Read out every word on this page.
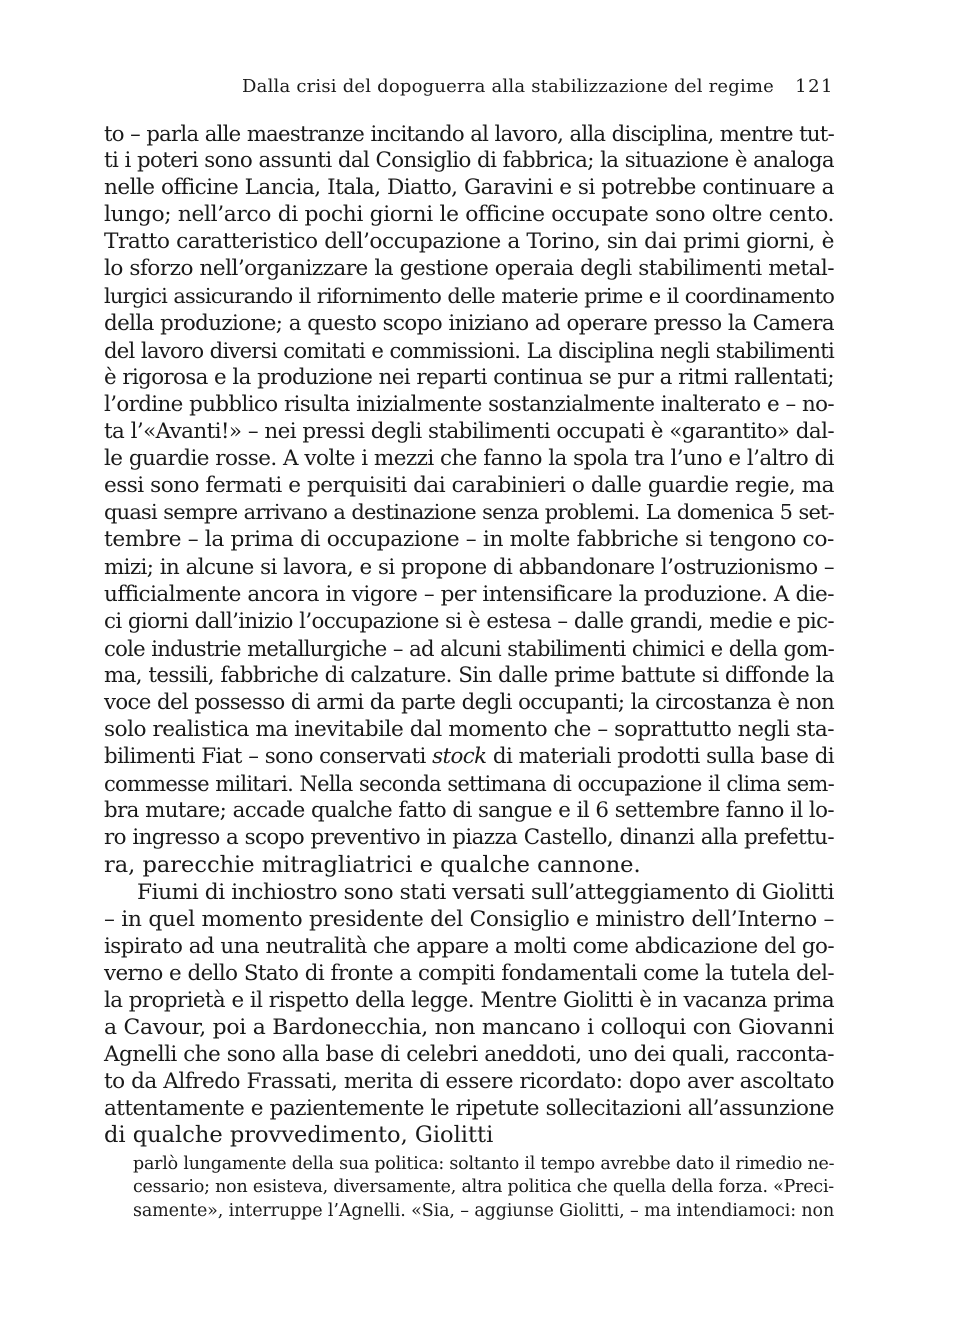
Dalla crisi del dopoguerra alla stabilizzazione del regime 121

to – parla alle maestranze incitando al lavoro, alla disciplina, mentre tut-
ti i poteri sono assunti dal Consiglio di fabbrica; la situazione è analoga
nelle officine Lancia, Itala, Diatto, Garavini e si potrebbe continuare a
lungo; nell’arco di pochi giorni le officine occupate sono oltre cento.
Tratto caratteristico dell’occupazione a Torino, sin dai primi giorni, è
lo sforzo nell’organizzare la gestione operaia degli stabilimenti metal-
lurgici assicurando il rifornimento delle materie prime e il coordinamento
della produzione; a questo scopo iniziano ad operare presso la Camera
del lavoro diversi comitati e commissioni. La disciplina negli stabilimenti
è rigorosa e la produzione nei reparti continua se pur a ritmi rallentati;
l’ordine pubblico risulta inizialmente sostanzialmente inalterato e – no-
ta l’«Avanti!» – nei pressi degli stabilimenti occupati è «garantito» dal-
le guardie rosse. A volte i mezzi che fanno la spola tra l’uno e l’altro di
essi sono fermati e perquisiti dai carabinieri o dalle guardie regie, ma
quasi sempre arrivano a destinazione senza problemi. La domenica 5 set-
tembre – la prima di occupazione – in molte fabbriche si tengono co-
mizi; in alcune si lavora, e si propone di abbandonare l’ostruzionismo –
ufficialmente ancora in vigore – per intensificare la produzione. A die-
ci giorni dall’inizio l’occupazione si è estesa – dalle grandi, medie e pic-
cole industrie metallurgiche – ad alcuni stabilimenti chimici e della gom-
ma, tessili, fabbriche di calzature. Sin dalle prime battute si diffonde la
voce del possesso di armi da parte degli occupanti; la circostanza è non
solo realistica ma inevitabile dal momento che – soprattutto negli sta-
bilimenti Fiat – sono conservati stock di materiali prodotti sulla base di
commesse militari. Nella seconda settimana di occupazione il clima sem-
bra mutare; accade qualche fatto di sangue e il 6 settembre fanno il lo-
ro ingresso a scopo preventivo in piazza Castello, dinanzi alla prefettu-
ra, parecchie mitragliatrici e qualche cannone.

Fiumi di inchiostro sono stati versati sull’atteggiamento di Giolitti
– in quel momento presidente del Consiglio e ministro dell’Interno –
ispirato ad una neutralità che appare a molti come abdicazione del go-
verno e dello Stato di fronte a compiti fondamentali come la tutela del-
la proprietà e il rispetto della legge. Mentre Giolitti è in vacanza prima
a Cavour, poi a Bardonecchia, non mancano i colloqui con Giovanni
Agnelli che sono alla base di celebri aneddoti, uno dei quali, racconta-
to da Alfredo Frassati, merita di essere ricordato: dopo aver ascoltato
attentamente e pazientemente le ripetute sollecitazioni all’assunzione
di qualche provvedimento, Giolitti

parlò lungamente della sua politica: soltanto il tempo avrebbe dato il rimedio ne-
cessario; non esisteva, diversamente, altra politica che quella della forza. «Preci-
samente», interruppe l’Agnelli. «Sia, – aggiunse Giolitti, – ma intendiamoci: non
